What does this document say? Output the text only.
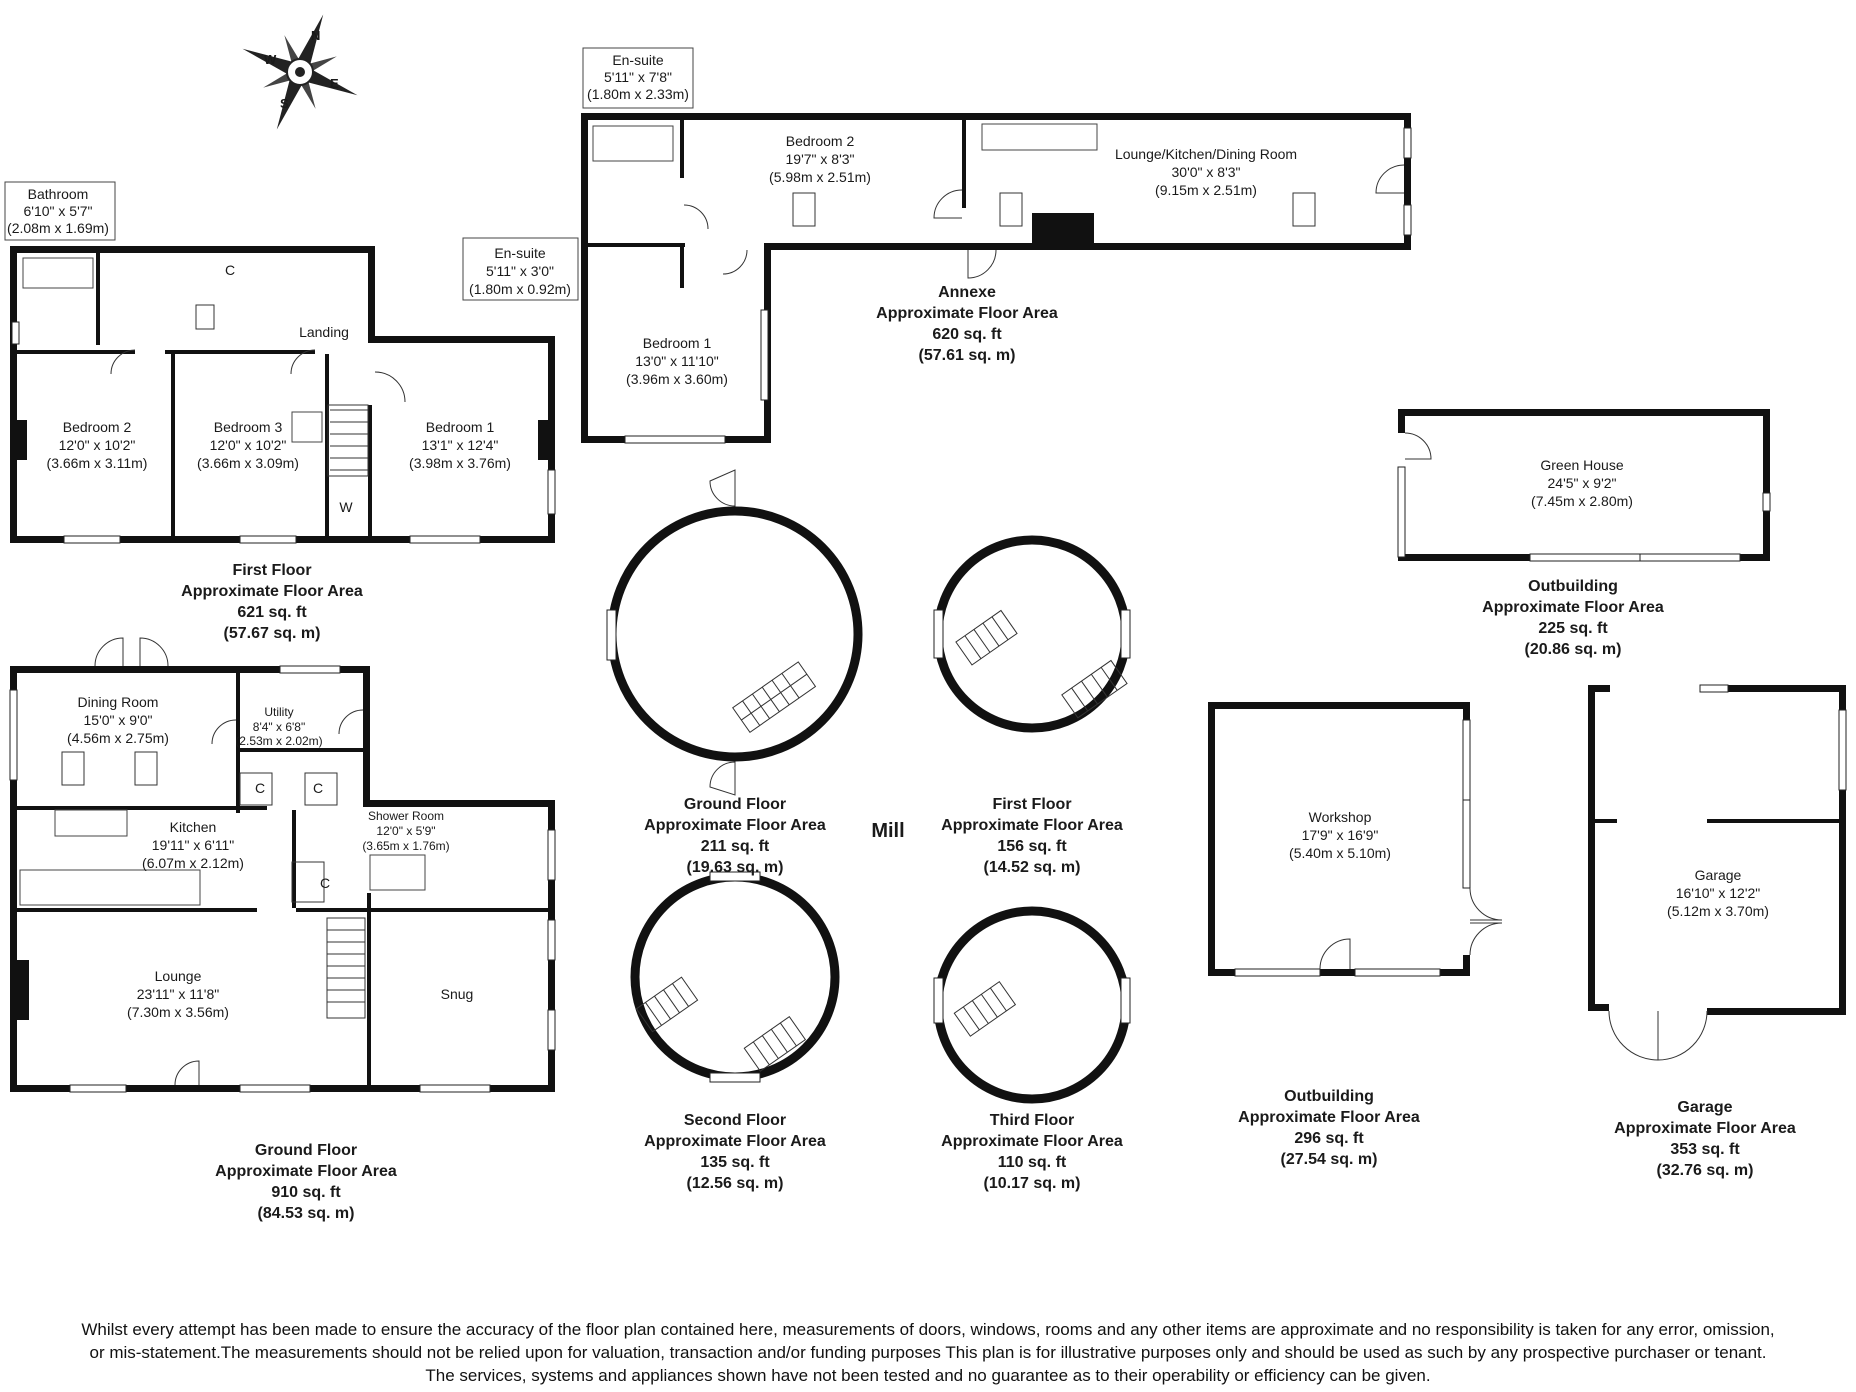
N
E
S
W	En-suite
5'11" x 7'8"
(1.80m x 2.33m)
En-suite
5'11" x 3'0"
(1.80m x 0.92m)
Bedroom 2
19'7" x 8'3"
(5.98m x 2.51m)
Lounge/Kitchen/Dining Room
30'0" x 8'3"
(9.15m x 2.51m)
Bedroom 1
13'0" x 11'10"
(3.96m x 3.60m)
Annexe
Approximate Floor Area
620 sq. ft
(57.61 sq. m)
Bathroom
6'10" x 5'7"
(2.08m x 1.69m)
C
Landing
Bedroom 2
12'0" x 10'2"
(3.66m x 3.11m)
Bedroom 3
12'0" x 10'2"
(3.66m x 3.09m)
Bedroom 1
13'1" x 12'4"
(3.98m x 3.76m)
W
First Floor
Approximate Floor Area
621 sq. ft
(57.67 sq. m)
Dining Room
15'0" x 9'0"
(4.56m x 2.75m)
Utility
8'4" x 6'8"
(2.53m x 2.02m)
C	C
C
Kitchen
19'11" x 6'11"
(6.07m x 2.12m)
Shower Room
12'0" x 5'9"
(3.65m x 1.76m)
Lounge
23'11" x 11'8"
(7.30m x 3.56m)
Snug
Ground Floor
Approximate Floor Area
910 sq. ft
(84.53 sq. m)
Mill
Ground Floor
Approximate Floor Area
211 sq. ft
(19.63 sq. m)
First Floor
Approximate Floor Area
156 sq. ft
(14.52 sq. m)
Second Floor
Approximate Floor Area
135 sq. ft
(12.56 sq. m)
Third Floor
Approximate Floor Area
110 sq. ft
(10.17 sq. m)
Green House
24'5" x 9'2"
(7.45m x 2.80m)
Outbuilding
Approximate Floor Area
225 sq. ft
(20.86 sq. m)
Workshop
17'9" x 16'9"
(5.40m x 5.10m)
Outbuilding
Approximate Floor Area
296 sq. ft
(27.54 sq. m)
Garage
16'10" x 12'2"
(5.12m x 3.70m)
Garage
Approximate Floor Area
353 sq. ft
(32.76 sq. m)
Whilst every attempt has been made to ensure the accuracy of the floor plan contained here, measurements of doors, windows, rooms and any other items are approximate and no responsibility is taken for any error, omission,
or mis-statement.The measurements should not be relied upon for valuation, transaction and/or funding purposes This plan is for illustrative purposes only and should be used as such by any prospective purchaser or tenant.
The services, systems and appliances shown have not been tested and no guarantee as to their operability or efficiency can be given.
